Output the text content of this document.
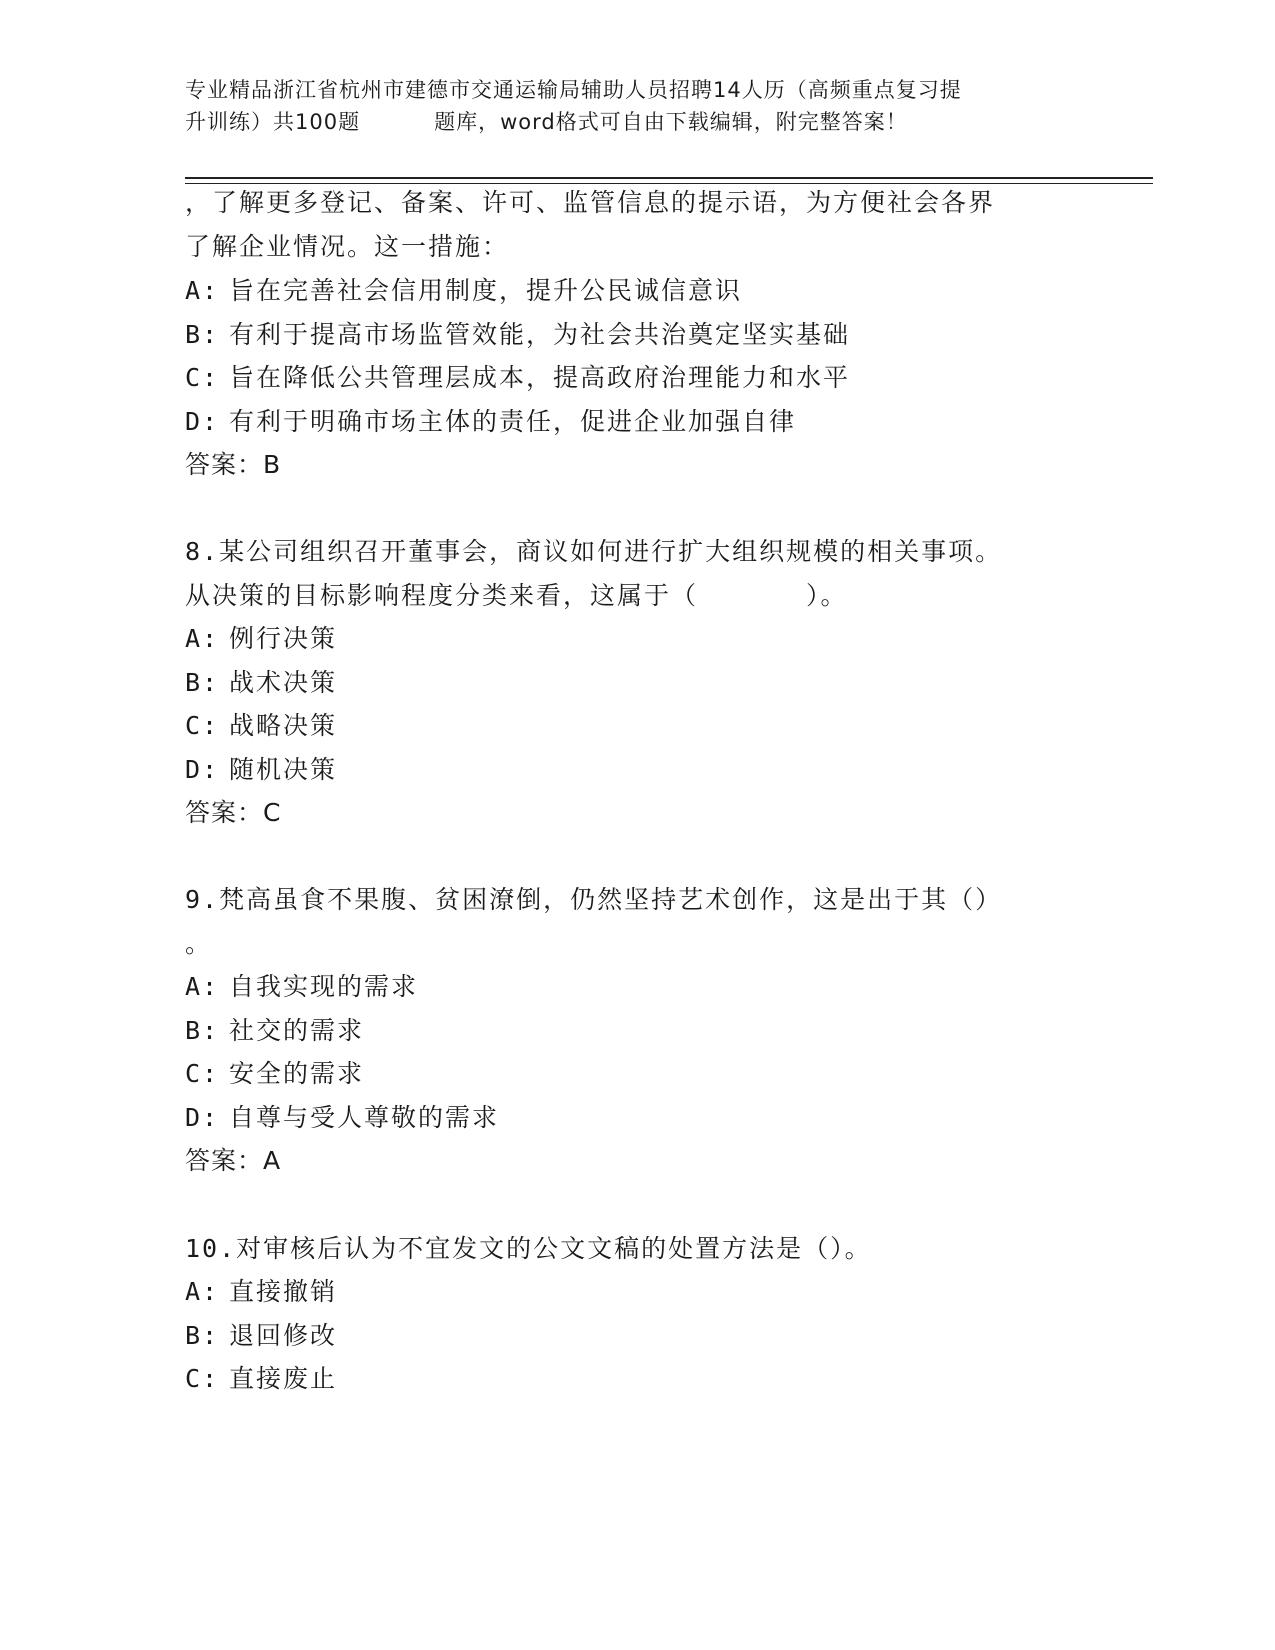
专业精品浙江省杭州市建德市交通运输局辅助人员招聘14人历（高频重点复习提
升训练）共100题	题库，word格式可自由下载编辑，附完整答案！
，了解更多登记、备案、许可、监管信息的提示语，为方便社会各界
了解企业情况。这一措施：
A: 旨在完善社会信用制度，提升公民诚信意识
B: 有利于提高市场监管效能，为社会共治奠定坚实基础
C: 旨在降低公共管理层成本，提高政府治理能力和水平
D: 有利于明确市场主体的责任，促进企业加强自律
答案：B
8.某公司组织召开董事会，商议如何进行扩大组织规模的相关事项。
从决策的目标影响程度分类来看，这属于（　　　　）。
A: 例行决策
B: 战术决策
C: 战略决策
D: 随机决策
答案：C
9.梵高虽食不果腹、贫困潦倒，仍然坚持艺术创作，这是出于其（）
。
A: 自我实现的需求
B: 社交的需求
C: 安全的需求
D: 自尊与受人尊敬的需求
答案：A
10.对审核后认为不宜发文的公文文稿的处置方法是（）。
A: 直接撤销
B: 退回修改
C: 直接废止
